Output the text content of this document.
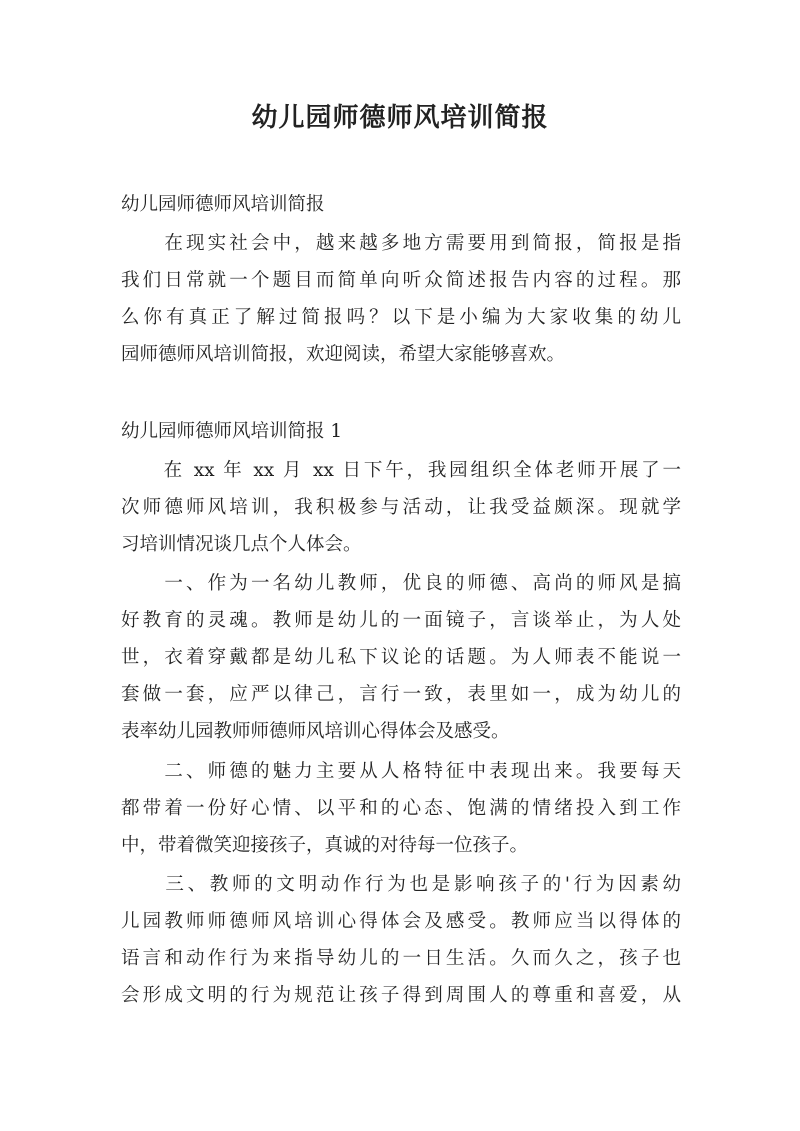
幼儿园师德师风培训简报

幼儿园师德师风培训简报

　　在现实社会中，越来越多地方需要用到简报，简报是指
我们日常就一个题目而简单向听众简述报告内容的过程。那
么你有真正了解过简报吗？以下是小编为大家收集的幼儿
园师德师风培训简报，欢迎阅读，希望大家能够喜欢。

幼儿园师德师风培训简报 1

　　在 xx 年 xx 月 xx 日下午，我园组织全体老师开展了一
次师德师风培训，我积极参与活动，让我受益颇深。现就学
习培训情况谈几点个人体会。
　　一、作为一名幼儿教师，优良的师德、高尚的师风是搞
好教育的灵魂。教师是幼儿的一面镜子，言谈举止，为人处
世，衣着穿戴都是幼儿私下议论的话题。为人师表不能说一
套做一套，应严以律己，言行一致，表里如一，成为幼儿的
表率幼儿园教师师德师风培训心得体会及感受。
　　二、师德的魅力主要从人格特征中表现出来。我要每天
都带着一份好心情、以平和的心态、饱满的情绪投入到工作
中，带着微笑迎接孩子，真诚的对待每一位孩子。
　　三、教师的文明动作行为也是影响孩子的'行为因素幼
儿园教师师德师风培训心得体会及感受。教师应当以得体的
语言和动作行为来指导幼儿的一日生活。久而久之，孩子也
会形成文明的行为规范让孩子得到周围人的尊重和喜爱，从
